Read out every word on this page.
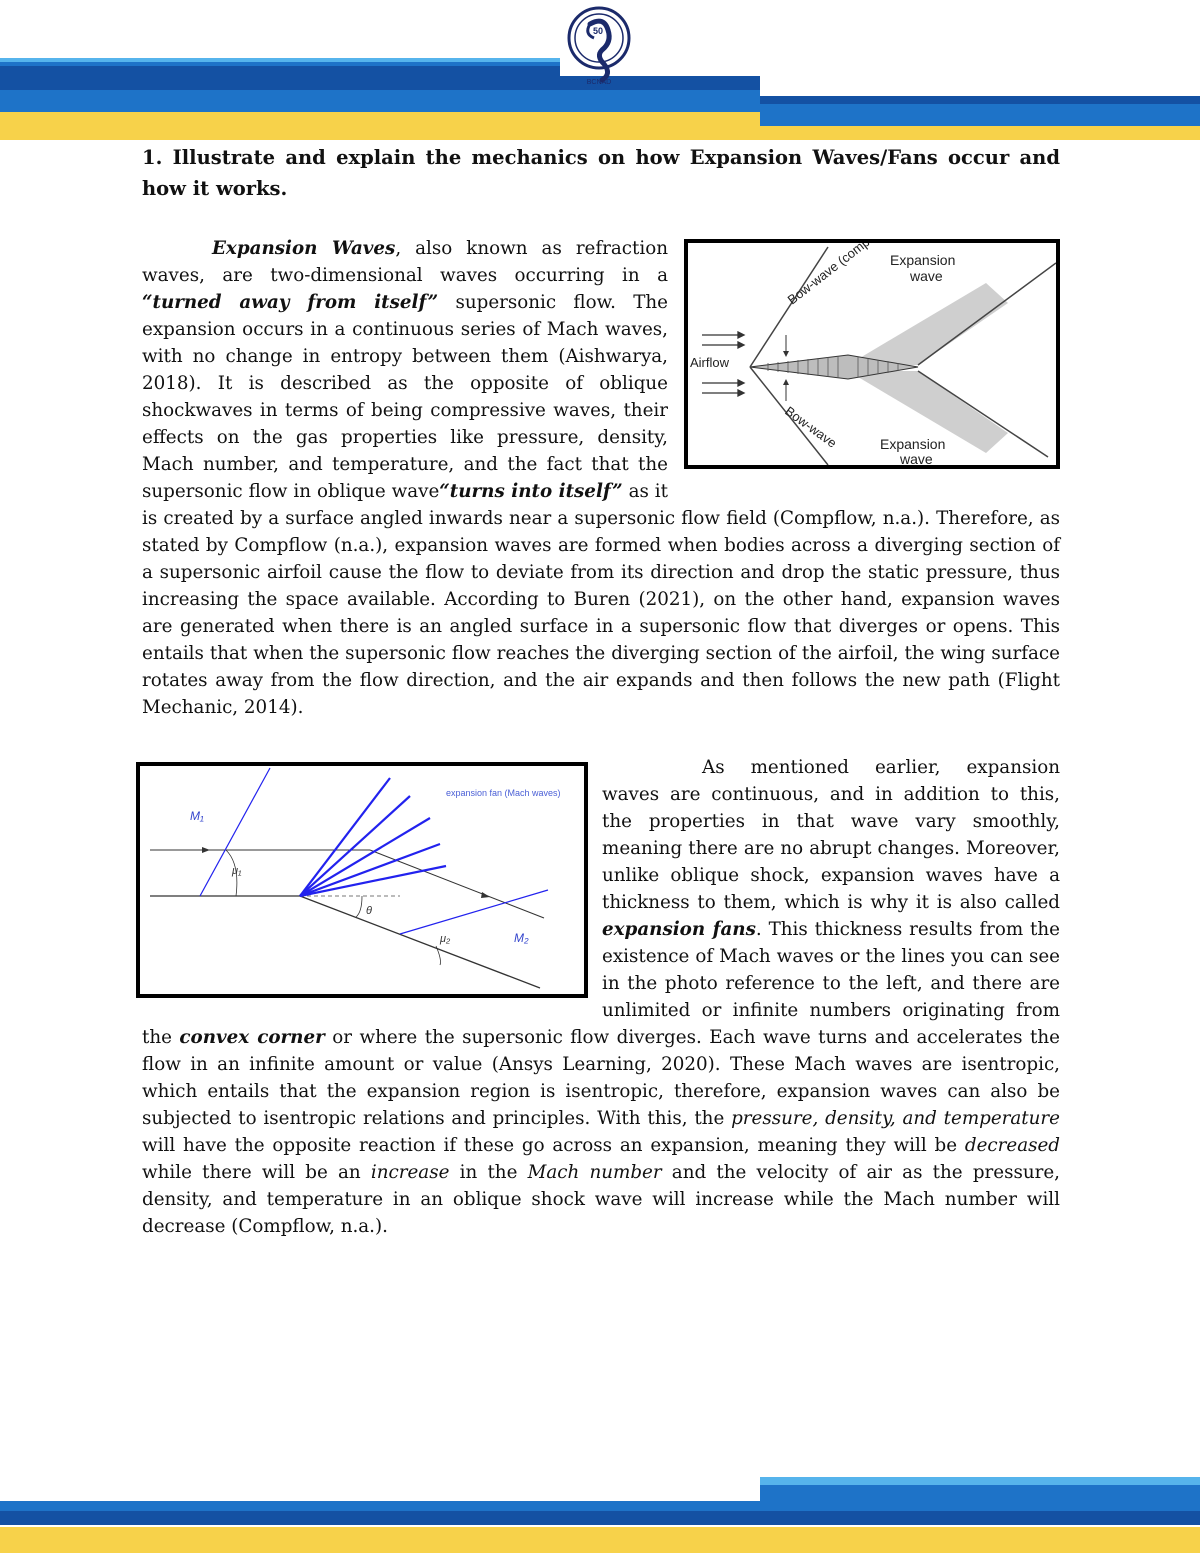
50
BCNAD

1. Illustrate and explain the mechanics on how Expansion Waves/Fans occur and how it works.

Airflow
Bow-wave (compression)
Bow-wave
Expansion wave
Expansion wave

Expansion Waves, also known as refraction waves, are two-dimensional waves occurring in a “turned away from itself” supersonic flow. The expansion occurs in a continuous series of Mach waves, with no change in entropy between them (Aishwarya, 2018). It is described as the opposite of oblique shockwaves in terms of being compressive waves, their effects on the gas properties like pressure, density, Mach number, and temperature, and the fact that the supersonic flow in oblique wave“turns into itself” as it is created by a surface angled inwards near a supersonic flow field (Compflow, n.a.). Therefore, as stated by Compflow (n.a.), expansion waves are formed when bodies across a diverging section of a supersonic airfoil cause the flow to deviate from its direction and drop the static pressure, thus increasing the space available. According to Buren (2021), on the other hand, expansion waves are generated when there is an angled surface in a supersonic flow that diverges or opens. This entails that when the supersonic flow reaches the diverging section of the airfoil, the wing surface rotates away from the flow direction, and the air expands and then follows the new path (Flight Mechanic, 2014).

expansion fan (Mach waves)
M₁
μ₁
θ
μ₂	M₂

As mentioned earlier, expansion waves are continuous, and in addition to this, the properties in that wave vary smoothly, meaning there are no abrupt changes. Moreover, unlike oblique shock, expansion waves have a thickness to them, which is why it is also called expansion fans. This thickness results from the existence of Mach waves or the lines you can see in the photo reference to the left, and there are unlimited or infinite numbers originating from the convex corner or where the supersonic flow diverges. Each wave turns and accelerates the flow in an infinite amount or value (Ansys Learning, 2020). These Mach waves are isentropic, which entails that the expansion region is isentropic, therefore, expansion waves can also be subjected to isentropic relations and principles. With this, the pressure, density, and temperature will have the opposite reaction if these go across an expansion, meaning they will be decreased while there will be an increase in the Mach number and the velocity of air as the pressure, density, and temperature in an oblique shock wave will increase while the Mach number will decrease (Compflow, n.a.).
